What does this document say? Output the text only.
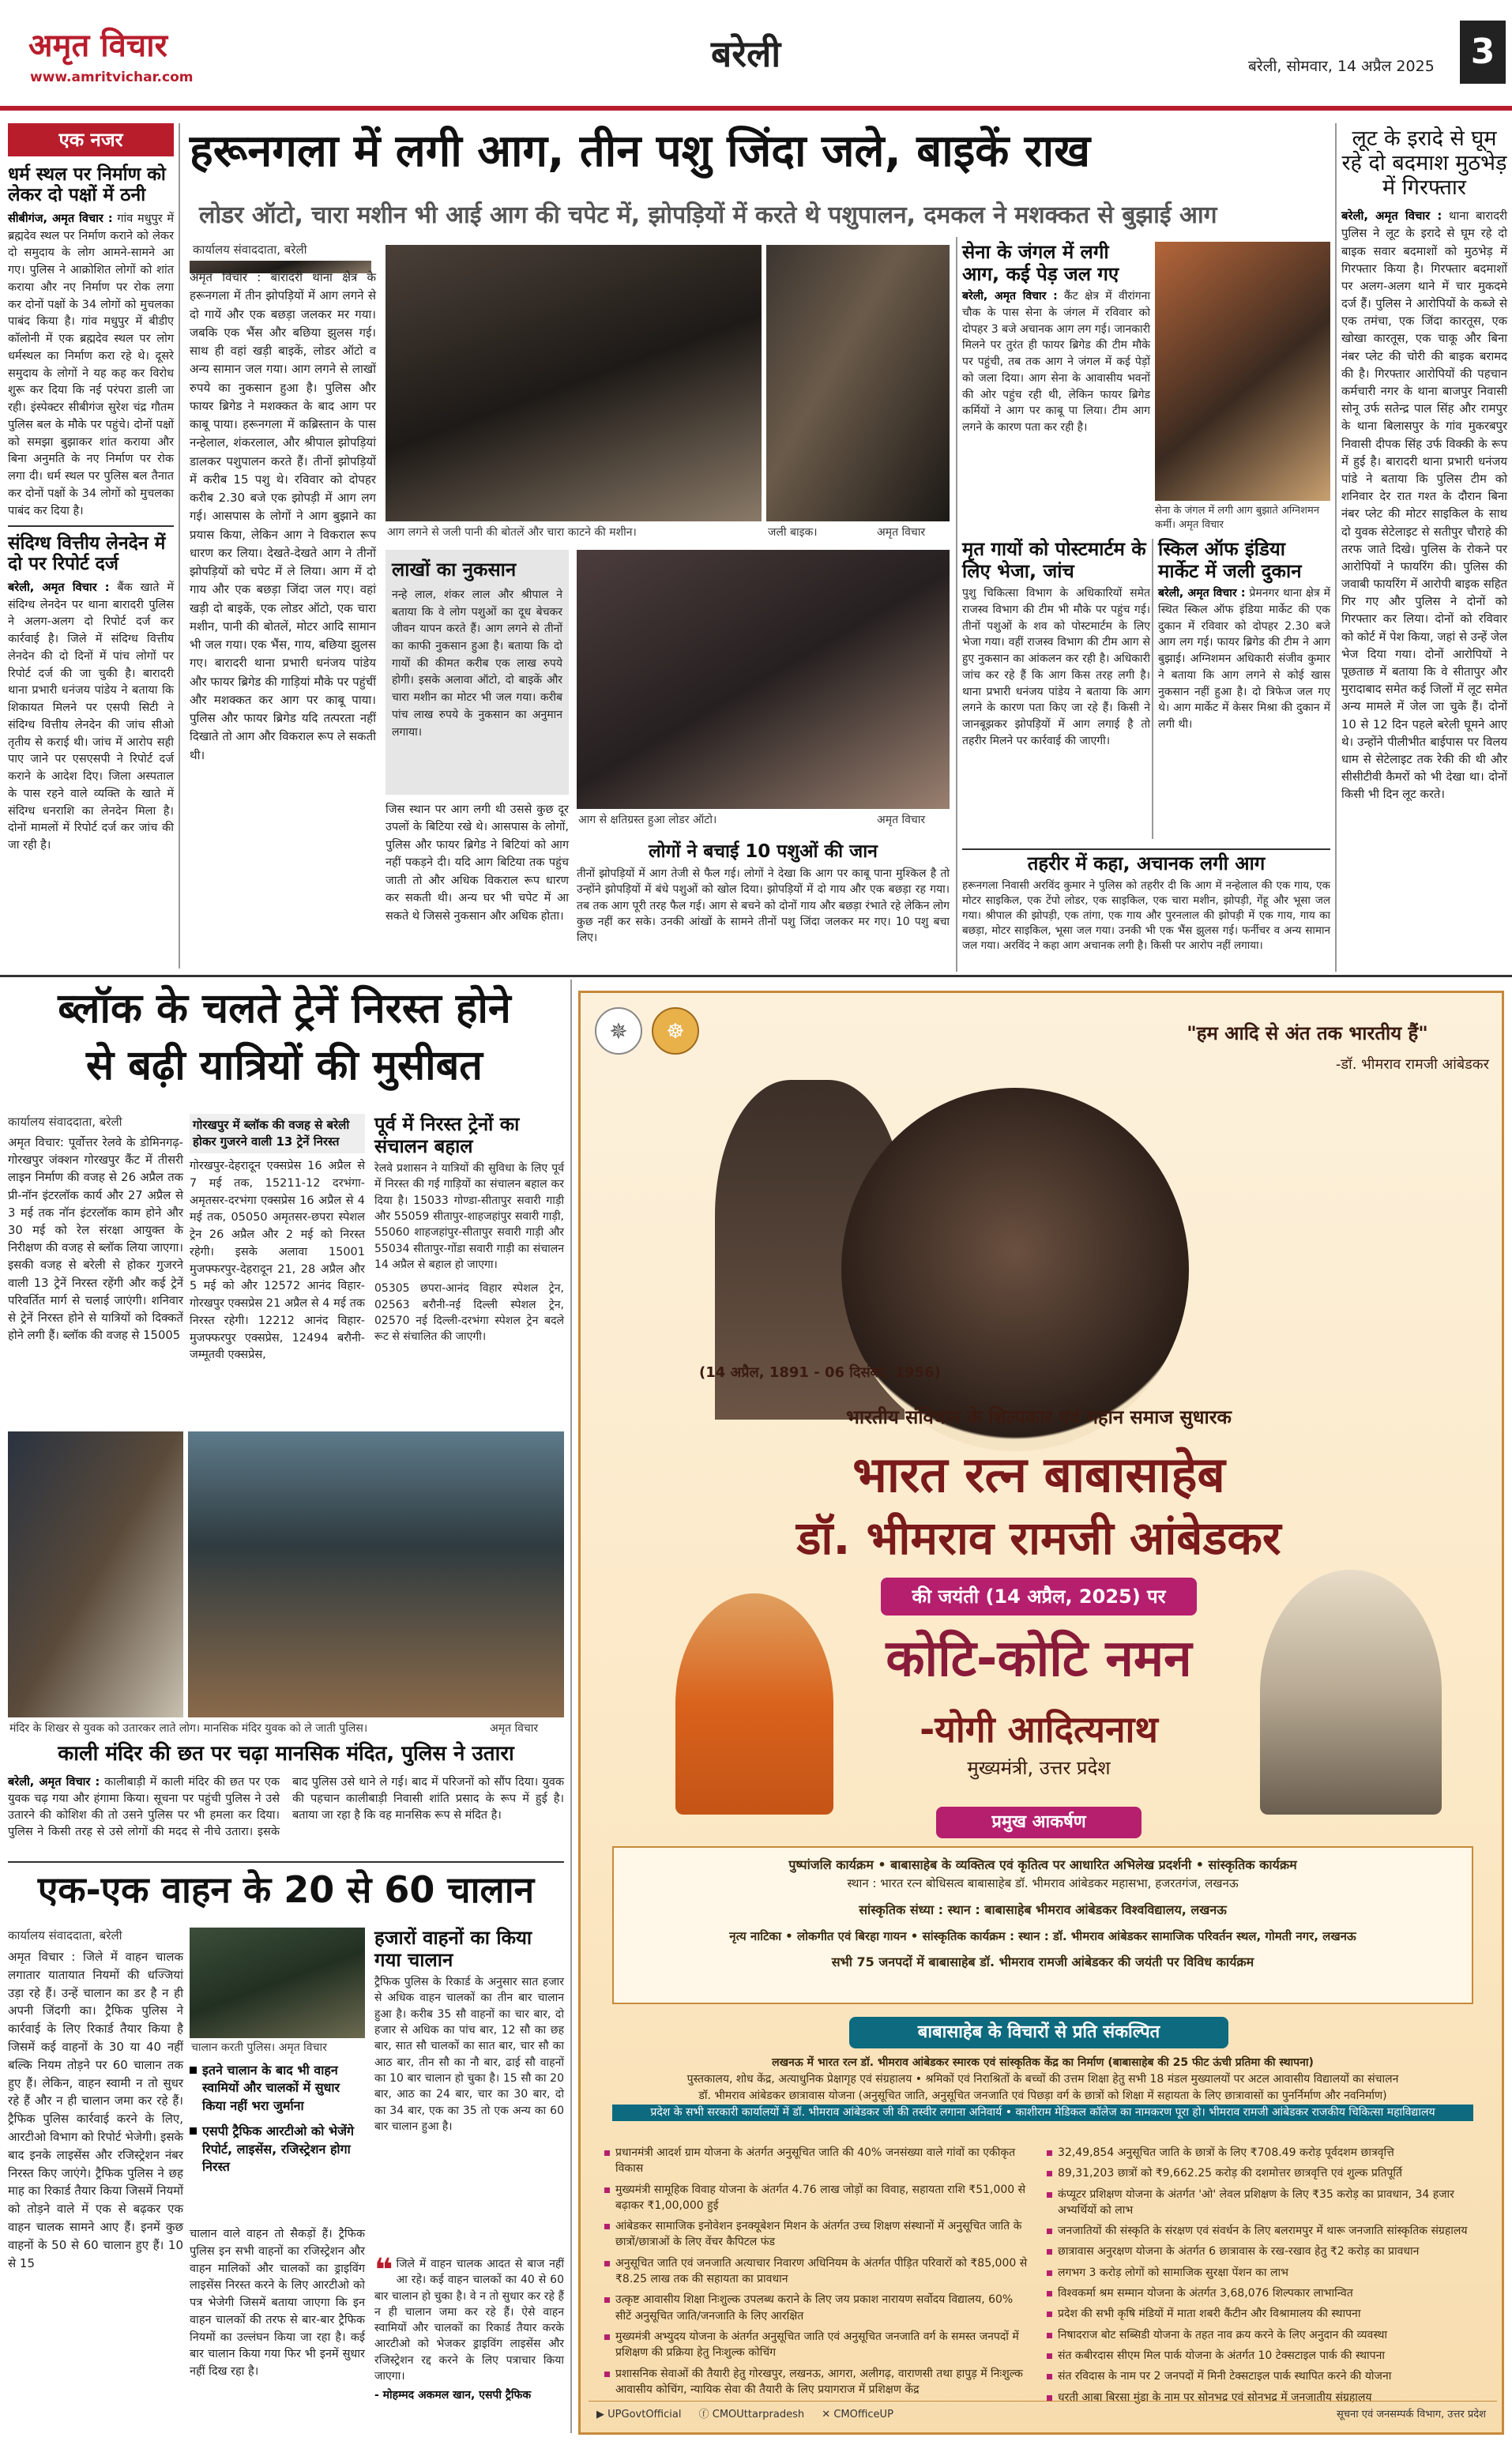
अमृत विचार
www.amritvichar.com
बरेली	बरेली, सोमवार, 14 अप्रैल 2025	3
एक नजर
धर्म स्थल पर निर्माण को लेकर दो पक्षों में ठनी
सीबीगंज, अमृत विचार : गांव मधुपुर में ब्रह्मदेव स्थल पर निर्माण कराने को लेकर दो समुदाय के लोग आमने-सामने आ गए। पुलिस ने आक्रोशित लोगों को शांत कराया और नए निर्माण पर रोक लगा कर दोनों पक्षों के 34 लोगों को मुचलका पाबंद किया है। गांव मधुपुर में बीडीए कॉलोनी में एक ब्रह्मदेव स्थल पर लोग धर्मस्थल का निर्माण करा रहे थे। दूसरे समुदाय के लोगों ने यह कह कर विरोध शुरू कर दिया कि नई परंपरा डाली जा रही। इंस्पेक्टर सीबीगंज सुरेश चंद्र गौतम पुलिस बल के मौके पर पहुंचे। दोनों पक्षों को समझा बुझाकर शांत कराया और बिना अनुमति के नए निर्माण पर रोक लगा दी। धर्म स्थल पर पुलिस बल तैनात कर दोनों पक्षों के 34 लोगों को मुचलका पाबंद कर दिया है।
संदिग्ध वित्तीय लेनदेन में दो पर रिपोर्ट दर्ज
बरेली, अमृत विचार : बैंक खाते में संदिग्ध लेनदेन पर थाना बारादरी पुलिस ने अलग-अलग दो रिपोर्ट दर्ज कर कार्रवाई है। जिले में संदिग्ध वित्तीय लेनदेन की दो दिनों में पांच लोगों पर रिपोर्ट दर्ज की जा चुकी है। बारादरी थाना प्रभारी धनंजय पांडेय ने बताया कि शिकायत मिलने पर एसपी सिटी ने संदिग्ध वित्तीय लेनदेन की जांच सीओ तृतीय से कराई थी। जांच में आरोप सही पाए जाने पर एसएसपी ने रिपोर्ट दर्ज कराने के आदेश दिए। जिला अस्पताल के पास रहने वाले व्यक्ति के खाते में संदिग्ध धनराशि का लेनदेन मिला है। दोनों मामलों में रिपोर्ट दर्ज कर जांच की जा रही है।
हरूनगला में लगी आग, तीन पशु जिंदा जले, बाइकें राख
लोडर ऑटो, चारा मशीन भी आई आग की चपेट में, झोपड़ियों में करते थे पशुपालन, दमकल ने मशक्कत से बुझाई आग
कार्यालय संवाददाता, बरेली
आग लगने से जली पानी की बोतलें और चारा काटने की मशीन।	जली बाइक।	अमृत विचार
अमृत विचार : बारादरी थाना क्षेत्र के हरूनगला में तीन झोपड़ियों में आग लगने से दो गायें और एक बछड़ा जलकर मर गया। जबकि एक भैंस और बछिया झुलस गई। साथ ही वहां खड़ी बाइकें, लोडर ऑटो व अन्य सामान जल गया। आग लगने से लाखों रुपये का नुकसान हुआ है। पुलिस और फायर ब्रिगेड ने मशक्कत के बाद आग पर काबू पाया। हरूनगला में कब्रिस्तान के पास नन्हेलाल, शंकरलाल, और श्रीपाल झोपड़ियां डालकर पशुपालन करते हैं। तीनों झोपड़ियों में करीब 15 पशु थे। रविवार को दोपहर करीब 2.30 बजे एक झोपड़ी में आग लग गई। आसपास के लोगों ने आग बुझाने का प्रयास किया, लेकिन आग ने विकराल रूप धारण कर लिया। देखते-देखते आग ने तीनों झोपड़ियों को चपेट में ले लिया। आग में दो गाय और एक बछड़ा जिंदा जल गए। वहां खड़ी दो बाइकें, एक लोडर ऑटो, एक चारा मशीन, पानी की बोतलें, मोटर आदि सामान भी जल गया। एक भैंस, गाय, बछिया झुलस गए। बारादरी थाना प्रभारी धनंजय पांडेय और फायर ब्रिगेड की गाड़ियां मौके पर पहुंचीं और मशक्कत कर आग पर काबू पाया। पुलिस और फायर ब्रिगेड यदि तत्परता नहीं दिखाते तो आग और विकराल रूप ले सकती थी।
लाखों का नुकसान
नन्हे लाल, शंकर लाल और श्रीपाल ने बताया कि वे लोग पशुओं का दूध बेचकर जीवन यापन करते हैं। आग लगने से तीनों का काफी नुकसान हुआ है। बताया कि दो गायों की कीमत करीब एक लाख रुपये होगी। इसके अलावा ऑटो, दो बाइकें और चारा मशीन का मोटर भी जल गया। करीब पांच लाख रुपये के नुकसान का अनुमान लगाया।
आग से क्षतिग्रस्त हुआ लोडर ऑटो।	अमृत विचार
जिस स्थान पर आग लगी थी उससे कुछ दूर उपलों के बिटिया रखे थे। आसपास के लोगों, पुलिस और फायर ब्रिगेड ने बिटियां को आग नहीं पकड़ने दी। यदि आग बिटिया तक पहुंच जाती तो और अधिक विकराल रूप धारण कर सकती थी। अन्य घर भी चपेट में आ सकते थे जिससे नुकसान और अधिक होता।
लोगों ने बचाई 10 पशुओं की जान
तीनों झोपड़ियों में आग तेजी से फैल गई। लोगों ने देखा कि आग पर काबू पाना मुश्किल है तो उन्होंने झोपड़ियों में बंधे पशुओं को खोल दिया। झोपड़ियों में दो गाय और एक बछड़ा रह गया। तब तक आग पूरी तरह फैल गई। आग से बचने को दोनों गाय और बछड़ा रंभाते रहे लेकिन लोग कुछ नहीं कर सके। उनकी आंखों के सामने तीनों पशु जिंदा जलकर मर गए। 10 पशु बचा लिए।
सेना के जंगल में लगी आग, कई पेड़ जल गए
बरेली, अमृत विचार : कैंट क्षेत्र में वीरांगना चौक के पास सेना के जंगल में रविवार को दोपहर 3 बजे अचानक आग लग गई। जानकारी मिलने पर तुरंत ही फायर ब्रिगेड की टीम मौके पर पहुंची, तब तक आग ने जंगल में कई पेड़ों को जला दिया। आग सेना के आवासीय भवनों की ओर पहुंच रही थी, लेकिन फायर ब्रिगेड कर्मियों ने आग पर काबू पा लिया। टीम आग लगने के कारण पता कर रही है।
सेना के जंगल में लगी आग बुझाते अग्निशमन कर्मी। अमृत विचार
मृत गायों को पोस्टमार्टम के लिए भेजा, जांच
पुशु चिकित्सा विभाग के अधिकारियों समेत राजस्व विभाग की टीम भी मौके पर पहुंच गई। तीनों पशुओं के शव को पोस्टमार्टम के लिए भेजा गया। वहीं राजस्व विभाग की टीम आग से हुए नुकसान का आंकलन कर रही है। अधिकारी जांच कर रहे हैं कि आग किस तरह लगी है। थाना प्रभारी धनंजय पांडेय ने बताया कि आग लगने के कारण पता किए जा रहे हैं। किसी ने जानबूझकर झोपड़ियों में आग लगाई है तो तहरीर मिलने पर कार्रवाई की जाएगी।
स्किल ऑफ इंडिया मार्केट में जली दुकान
बरेली, अमृत विचार : प्रेमनगर थाना क्षेत्र में स्थित स्किल ऑफ इंडिया मार्केट की एक दुकान में रविवार को दोपहर 2.30 बजे आग लग गई। फायर ब्रिगेड की टीम ने आग बुझाई। अग्निशमन अधिकारी संजीव कुमार ने बताया कि आग लगने से कोई खास नुकसान नहीं हुआ है। दो त्रिफेज जल गए थे। आग मार्केट में केसर मिश्रा की दुकान में लगी थी।
तहरीर में कहा, अचानक लगी आग
हरूनगला निवासी अरविंद कुमार ने पुलिस को तहरीर दी कि आग में नन्हेलाल की एक गाय, एक मोटर साइकिल, एक टेंपो लोडर, एक साइकिल, एक चारा मशीन, झोपड़ी, गेंहू और भूसा जल गया। श्रीपाल की झोपड़ी, एक तांगा, एक गाय और पुरनलाल की झोपड़ी में एक गाय, गाय का बछड़ा, मोटर साइकिल, भूसा जल गया। उनकी भी एक भैंस झुलस गई। फर्नीचर व अन्य सामान जल गया। अरविंद ने कहा आग अचानक लगी है। किसी पर आरोप नहीं लगाया।
लूट के इरादे से घूम रहे दो बदमाश मुठभेड़ में गिरफ्तार
बरेली, अमृत विचार : थाना बारादरी पुलिस ने लूट के इरादे से घूम रहे दो बाइक सवार बदमाशों को मुठभेड़ में गिरफ्तार किया है। गिरफ्तार बदमाशों पर अलग-अलग थाने में चार मुकदमे दर्ज हैं। पुलिस ने आरोपियों के कब्जे से एक तमंचा, एक जिंदा कारतूस, एक खोखा कारतूस, एक चाकू और बिना नंबर प्लेट की चोरी की बाइक बरामद की है। गिरफ्तार आरोपियों की पहचान कर्मचारी नगर के थाना बाजपुर निवासी सोनू उर्फ सतेन्द्र पाल सिंह और रामपुर के थाना बिलासपुर के गांव मुकरबपुर निवासी दीपक सिंह उर्फ विक्की के रूप में हुई है। बारादरी थाना प्रभारी धनंजय पांडे ने बताया कि पुलिस टीम को शनिवार देर रात गश्त के दौरान बिना नंबर प्लेट की मोटर साइकिल के साथ दो युवक सेटेलाइट से सतीपुर चौराहे की तरफ जाते दिखे। पुलिस के रोकने पर आरोपियों ने फायरिंग की। पुलिस की जवाबी फायरिंग में आरोपी बाइक सहित गिर गए और पुलिस ने दोनों को गिरफ्तार कर लिया। दोनों को रविवार को कोर्ट में पेश किया, जहां से उन्हें जेल भेज दिया गया। दोनों आरोपियों ने पूछताछ में बताया कि वे सीतापुर और मुरादाबाद समेत कई जिलों में लूट समेत अन्य मामले में जेल जा चुके हैं। दोनों 10 से 12 दिन पहले बरेली घूमने आए थे। उन्होंने पीलीभीत बाईपास पर विलय धाम से सेटेलाइट तक रेकी की थी और सीसीटीवी कैमरों को भी देखा था। दोनों किसी भी दिन लूट करते।
ब्लॉक के चलते ट्रेनें निरस्त होने
से बढ़ी यात्रियों की मुसीबत
कार्यालय संवाददाता, बरेली
अमृत विचार: पूर्वोत्तर रेलवे के डोमिनगढ़-गोरखपुर जंक्शन गोरखपुर कैंट में तीसरी लाइन निर्माण की वजह से 26 अप्रैल तक प्री-नॉन इंटरलॉक कार्य और 27 अप्रैल से 3 मई तक नॉन इंटरलॉक काम होने और 30 मई को रेल संरक्षा आयुक्त के निरीक्षण की वजह से ब्लॉक लिया जाएगा। इसकी वजह से बरेली से होकर गुजरने वाली 13 ट्रेनें निरस्त रहेंगी और कई ट्रेनें परिवर्तित मार्ग से चलाई जाएंगी। शनिवार से ट्रेनें निरस्त होने से यात्रियों को दिक्कतें होने लगी हैं। ब्लॉक की वजह से 15005
गोरखपुर में ब्लॉक की वजह से बरेली होकर गुजरने वाली 13 ट्रेनें निरस्त
गोरखपुर-देहरादून एक्सप्रेस 16 अप्रैल से 7 मई तक, 15211-12 दरभंगा-अमृतसर-दरभंगा एक्सप्रेस 16 अप्रैल से 4 मई तक, 05050 अमृतसर-छपरा स्पेशल ट्रेन 26 अप्रैल और 2 मई को निरस्त रहेगी। इसके अलावा 15001 मुजफ्फरपुर-देहरादून 21, 28 अप्रैल और 5 मई को और 12572 आनंद विहार-गोरखपुर एक्सप्रेस 21 अप्रैल से 4 मई तक निरस्त रहेगी। 12212 आनंद विहार-मुजफ्फरपुर एक्सप्रेस, 12494 बरौनी-जम्मूतवी एक्सप्रेस,
पूर्व में निरस्त ट्रेनों का संचालन बहाल
रेलवे प्रशासन ने यात्रियों की सुविधा के लिए पूर्व में निरस्त की गई गाड़ियों का संचालन बहाल कर दिया है। 15033 गोण्डा-सीतापुर सवारी गाड़ी और 55059 सीतापुर-शाहजहांपुर सवारी गाड़ी, 55060 शाहजहांपुर-सीतापुर सवारी गाड़ी और 55034 सीतापुर-गोंडा सवारी गाड़ी का संचालन 14 अप्रैल से बहाल हो जाएगा।
05305 छपरा-आनंद विहार स्पेशल ट्रेन, 02563 बरौनी-नई दिल्ली स्पेशल ट्रेन, 02570 नई दिल्ली-दरभंगा स्पेशल ट्रेन बदले रूट से संचालित की जाएगी।
मंदिर के शिखर से युवक को उतारकर लाते लोग। मानसिक मंदिर युवक को ले जाती पुलिस।	अमृत विचार
काली मंदिर की छत पर चढ़ा मानसिक मंदित, पुलिस ने उतारा
बरेली, अमृत विचार : कालीबाड़ी में काली मंदिर की छत पर एक युवक चढ़ गया और हंगामा किया। सूचना पर पहुंची पुलिस ने उसे उतारने की कोशिश की तो उसने पुलिस पर भी हमला कर दिया। पुलिस ने किसी तरह से उसे लोगों की मदद से नीचे उतारा। इसके बाद पुलिस उसे थाने ले गई। बाद में परिजनों को सौंप दिया। युवक की पहचान कालीबाड़ी निवासी शांति प्रसाद के रूप में हुई है। बताया जा रहा है कि वह मानसिक रूप से मंदित है।
एक-एक वाहन के 20 से 60 चालान
कार्यालय संवाददाता, बरेली
अमृत विचार : जिले में वाहन चालक लगातार यातायात नियमों की धज्जियां उड़ा रहे हैं। उन्हें चालान का डर है न ही अपनी जिंदगी का। ट्रैफिक पुलिस ने कार्रवाई के लिए रिकार्ड तैयार किया है जिसमें कई वाहनों के 30 या 40 नहीं बल्कि नियम तोड़ने पर 60 चालान तक हुए हैं। लेकिन, वाहन स्वामी न तो सुधर रहे हैं और न ही चालान जमा कर रहे हैं। ट्रैफिक पुलिस कार्रवाई करने के लिए, आरटीओ विभाग को रिपोर्ट भेजेगी। इसके बाद इनके लाइसेंस और रजिस्ट्रेशन नंबर निरस्त किए जाएंगे। ट्रैफिक पुलिस ने छह माह का रिकार्ड तैयार किया जिसमें नियमों को तोड़ने वाले में एक से बढ़कर एक वाहन चालक सामने आए हैं। इनमें कुछ वाहनों के 50 से 60 चालान हुए हैं। 10 से 15
चालान करती पुलिस। अमृत विचार
इतने चालान के बाद भी वाहन स्वामियों और चालकों में सुधार किया नहीं भरा जुर्माना
एसपी ट्रैफिक आरटीओ को भेजेंगे रिपोर्ट, लाइसेंस, रजिस्ट्रेशन होगा निरस्त
चालान वाले वाहन तो सैकड़ों हैं। ट्रैफिक पुलिस इन सभी वाहनों का रजिस्ट्रेशन और वाहन मालिकों और चालकों का ड्राइविंग लाइसेंस निरस्त करने के लिए आरटीओ को पत्र भेजेगी जिसमें बताया जाएगा कि इन वाहन चालकों की तरफ से बार-बार ट्रैफिक नियमों का उल्लंघन किया जा रहा है। कई बार चालान किया गया फिर भी इनमें सुधार नहीं दिख रहा है।
हजारों वाहनों का किया गया चालान
ट्रैफिक पुलिस के रिकार्ड के अनुसार सात हजार से अधिक वाहन चालकों का तीन बार चालान हुआ है। करीब 35 सौ वाहनों का चार बार, दो हजार से अधिक का पांच बार, 12 सौ का छह बार, सात सौ चालकों का सात बार, चार सौ का आठ बार, तीन सौ का नौ बार, ढाई सौ वाहनों का 10 बार चालान हो चुका है। 15 सौ का 20 बार, आठ का 24 बार, चार का 30 बार, दो का 34 बार, एक का 35 तो एक अन्य का 60 बार चालान हुआ है।
❝ जिले में वाहन चालक आदत से बाज नहीं आ रहे। कई वाहन चालकों का 40 से 60 बार चालान हो चुका है। वे न तो सुधार कर रहे हैं न ही चालान जमा कर रहे हैं। ऐसे वाहन स्वामियों और चालकों का रिकार्ड तैयार करके आरटीओ को भेजकर ड्राइविंग लाइसेंस और रजिस्ट्रेशन रद्द करने के लिए पत्राचार किया जाएगा।
- मोहम्मद अकमल खान, एसपी ट्रैफिक
✵	☸	"हम आदि से अंत तक भारतीय हैं"
-डॉ. भीमराव रामजी आंबेडकर
(14 अप्रैल, 1891 - 06 दिसंबर, 1956)
भारतीय संविधान के शिल्पकार एवं महान समाज सुधारक
भारत रत्न बाबासाहेब
डॉ. भीमराव रामजी आंबेडकर
की जयंती (14 अप्रैल, 2025) पर
कोटि-कोटि नमन
-योगी आदित्यनाथ
मुख्यमंत्री, उत्तर प्रदेश
प्रमुख आकर्षण
पुष्पांजलि कार्यक्रम • बाबासाहेब के व्यक्तित्व एवं कृतित्व पर आधारित अभिलेख प्रदर्शनी • सांस्कृतिक कार्यक्रम
स्थान : भारत रत्न बोधिसत्व बाबासाहेब डॉ. भीमराव आंबेडकर महासभा, हजरतगंज, लखनऊ
सांस्कृतिक संध्या : स्थान : बाबासाहेब भीमराव आंबेडकर विश्वविद्यालय, लखनऊ
नृत्य नाटिका • लोकगीत एवं बिरहा गायन • सांस्कृतिक कार्यक्रम : स्थान : डॉ. भीमराव आंबेडकर सामाजिक परिवर्तन स्थल, गोमती नगर, लखनऊ
सभी 75 जनपदों में बाबासाहेब डॉ. भीमराव रामजी आंबेडकर की जयंती पर विविध कार्यक्रम
बाबासाहेब के विचारों से प्रति संकल्पित
लखनऊ में भारत रत्न डॉ. भीमराव आंबेडकर स्मारक एवं सांस्कृतिक केंद्र का निर्माण (बाबासाहेब की 25 फीट ऊंची प्रतिमा की स्थापना)
पुस्तकालय, शोध केंद्र, अत्याधुनिक प्रेक्षागृह एवं संग्रहालय • श्रमिकों एवं निराश्रितों के बच्चों की उत्तम शिक्षा हेतु सभी 18 मंडल मुख्यालयों पर अटल आवासीय विद्यालयों का संचालन
डॉ. भीमराव आंबेडकर छात्रावास योजना (अनुसूचित जाति, अनुसूचित जनजाति एवं पिछड़ा वर्ग के छात्रों को शिक्षा में सहायता के लिए छात्रावासों का पुनर्निर्माण और नवनिर्माण)
प्रदेश के सभी सरकारी कार्यालयों में डॉ. भीमराव आंबेडकर जी की तस्वीर लगाना अनिवार्य • काशीराम मेडिकल कॉलेज का नामकरण पूरा हो। भीमराव रामजी आंबेडकर राजकीय चिकित्सा महाविद्यालय
प्रधानमंत्री आदर्श ग्राम योजना के अंतर्गत अनुसूचित जाति की 40% जनसंख्या वाले गांवों का एकीकृत विकास
मुख्यमंत्री सामूहिक विवाह योजना के अंतर्गत 4.76 लाख जोड़ों का विवाह, सहायता राशि ₹51,000 से बढ़ाकर ₹1,00,000 हुई
आंबेडकर सामाजिक इनोवेशन इनक्यूबेशन मिशन के अंतर्गत उच्च शिक्षण संस्थानों में अनुसूचित जाति के छात्रों/छात्राओं के लिए वेंचर कैपिटल फंड
अनुसूचित जाति एवं जनजाति अत्याचार निवारण अधिनियम के अंतर्गत पीड़ित परिवारों को ₹85,000 से ₹8.25 लाख तक की सहायता का प्रावधान
उत्कृष्ट आवासीय शिक्षा निःशुल्क उपलब्ध कराने के लिए जय प्रकाश नारायण सर्वोदय विद्यालय, 60% सीटें अनुसूचित जाति/जनजाति के लिए आरक्षित
मुख्यमंत्री अभ्युदय योजना के अंतर्गत अनुसूचित जाति एवं अनुसूचित जनजाति वर्ग के समस्त जनपदों में प्रशिक्षण की प्रक्रिया हेतु निःशुल्क कोचिंग
प्रशासनिक सेवाओं की तैयारी हेतु गोरखपुर, लखनऊ, आगरा, अलीगढ़, वाराणसी तथा हापुड़ में निःशुल्क आवासीय कोचिंग, न्यायिक सेवा की तैयारी के लिए प्रयागराज में प्रशिक्षण केंद्र
32,49,854 अनुसूचित जाति के छात्रों के लिए ₹708.49 करोड़ पूर्वदशम छात्रवृत्ति
89,31,203 छात्रों को ₹9,662.25 करोड़ की दशमोत्तर छात्रवृत्ति एवं शुल्क प्रतिपूर्ति
कंप्यूटर प्रशिक्षण योजना के अंतर्गत 'ओ' लेवल प्रशिक्षण के लिए ₹35 करोड़ का प्रावधान, 34 हजार अभ्यर्थियों को लाभ
जनजातियों की संस्कृति के संरक्षण एवं संवर्धन के लिए बलरामपुर में थारू जनजाति सांस्कृतिक संग्रहालय
छात्रावास अनुरक्षण योजना के अंतर्गत 6 छात्रावास के रख-रखाव हेतु ₹2 करोड़ का प्रावधान
लगभग 3 करोड़ लोगों को सामाजिक सुरक्षा पेंशन का लाभ
विश्वकर्मा श्रम सम्मान योजना के अंतर्गत 3,68,076 शिल्पकार लाभान्वित
प्रदेश की सभी कृषि मंडियों में माता शबरी कैंटीन और विश्रामालय की स्थापना
निषादराज बोट सब्सिडी योजना के तहत नाव क्रय करने के लिए अनुदान की व्यवस्था
संत कबीरदास सीएम मिल पार्क योजना के अंतर्गत 10 टेक्सटाइल पार्क की स्थापना
संत रविदास के नाम पर 2 जनपदों में मिनी टेक्सटाइल पार्क स्थापित करने की योजना
धरती आबा बिरसा मुंडा के नाम पर सोनभद्र एवं सोनभद्र में जनजातीय संग्रहालय
▶ UPGovtOfficial ⓕ CMOUttarpradesh ✕ CMOfficeUP	सूचना एवं जनसम्पर्क विभाग, उत्तर प्रदेश
